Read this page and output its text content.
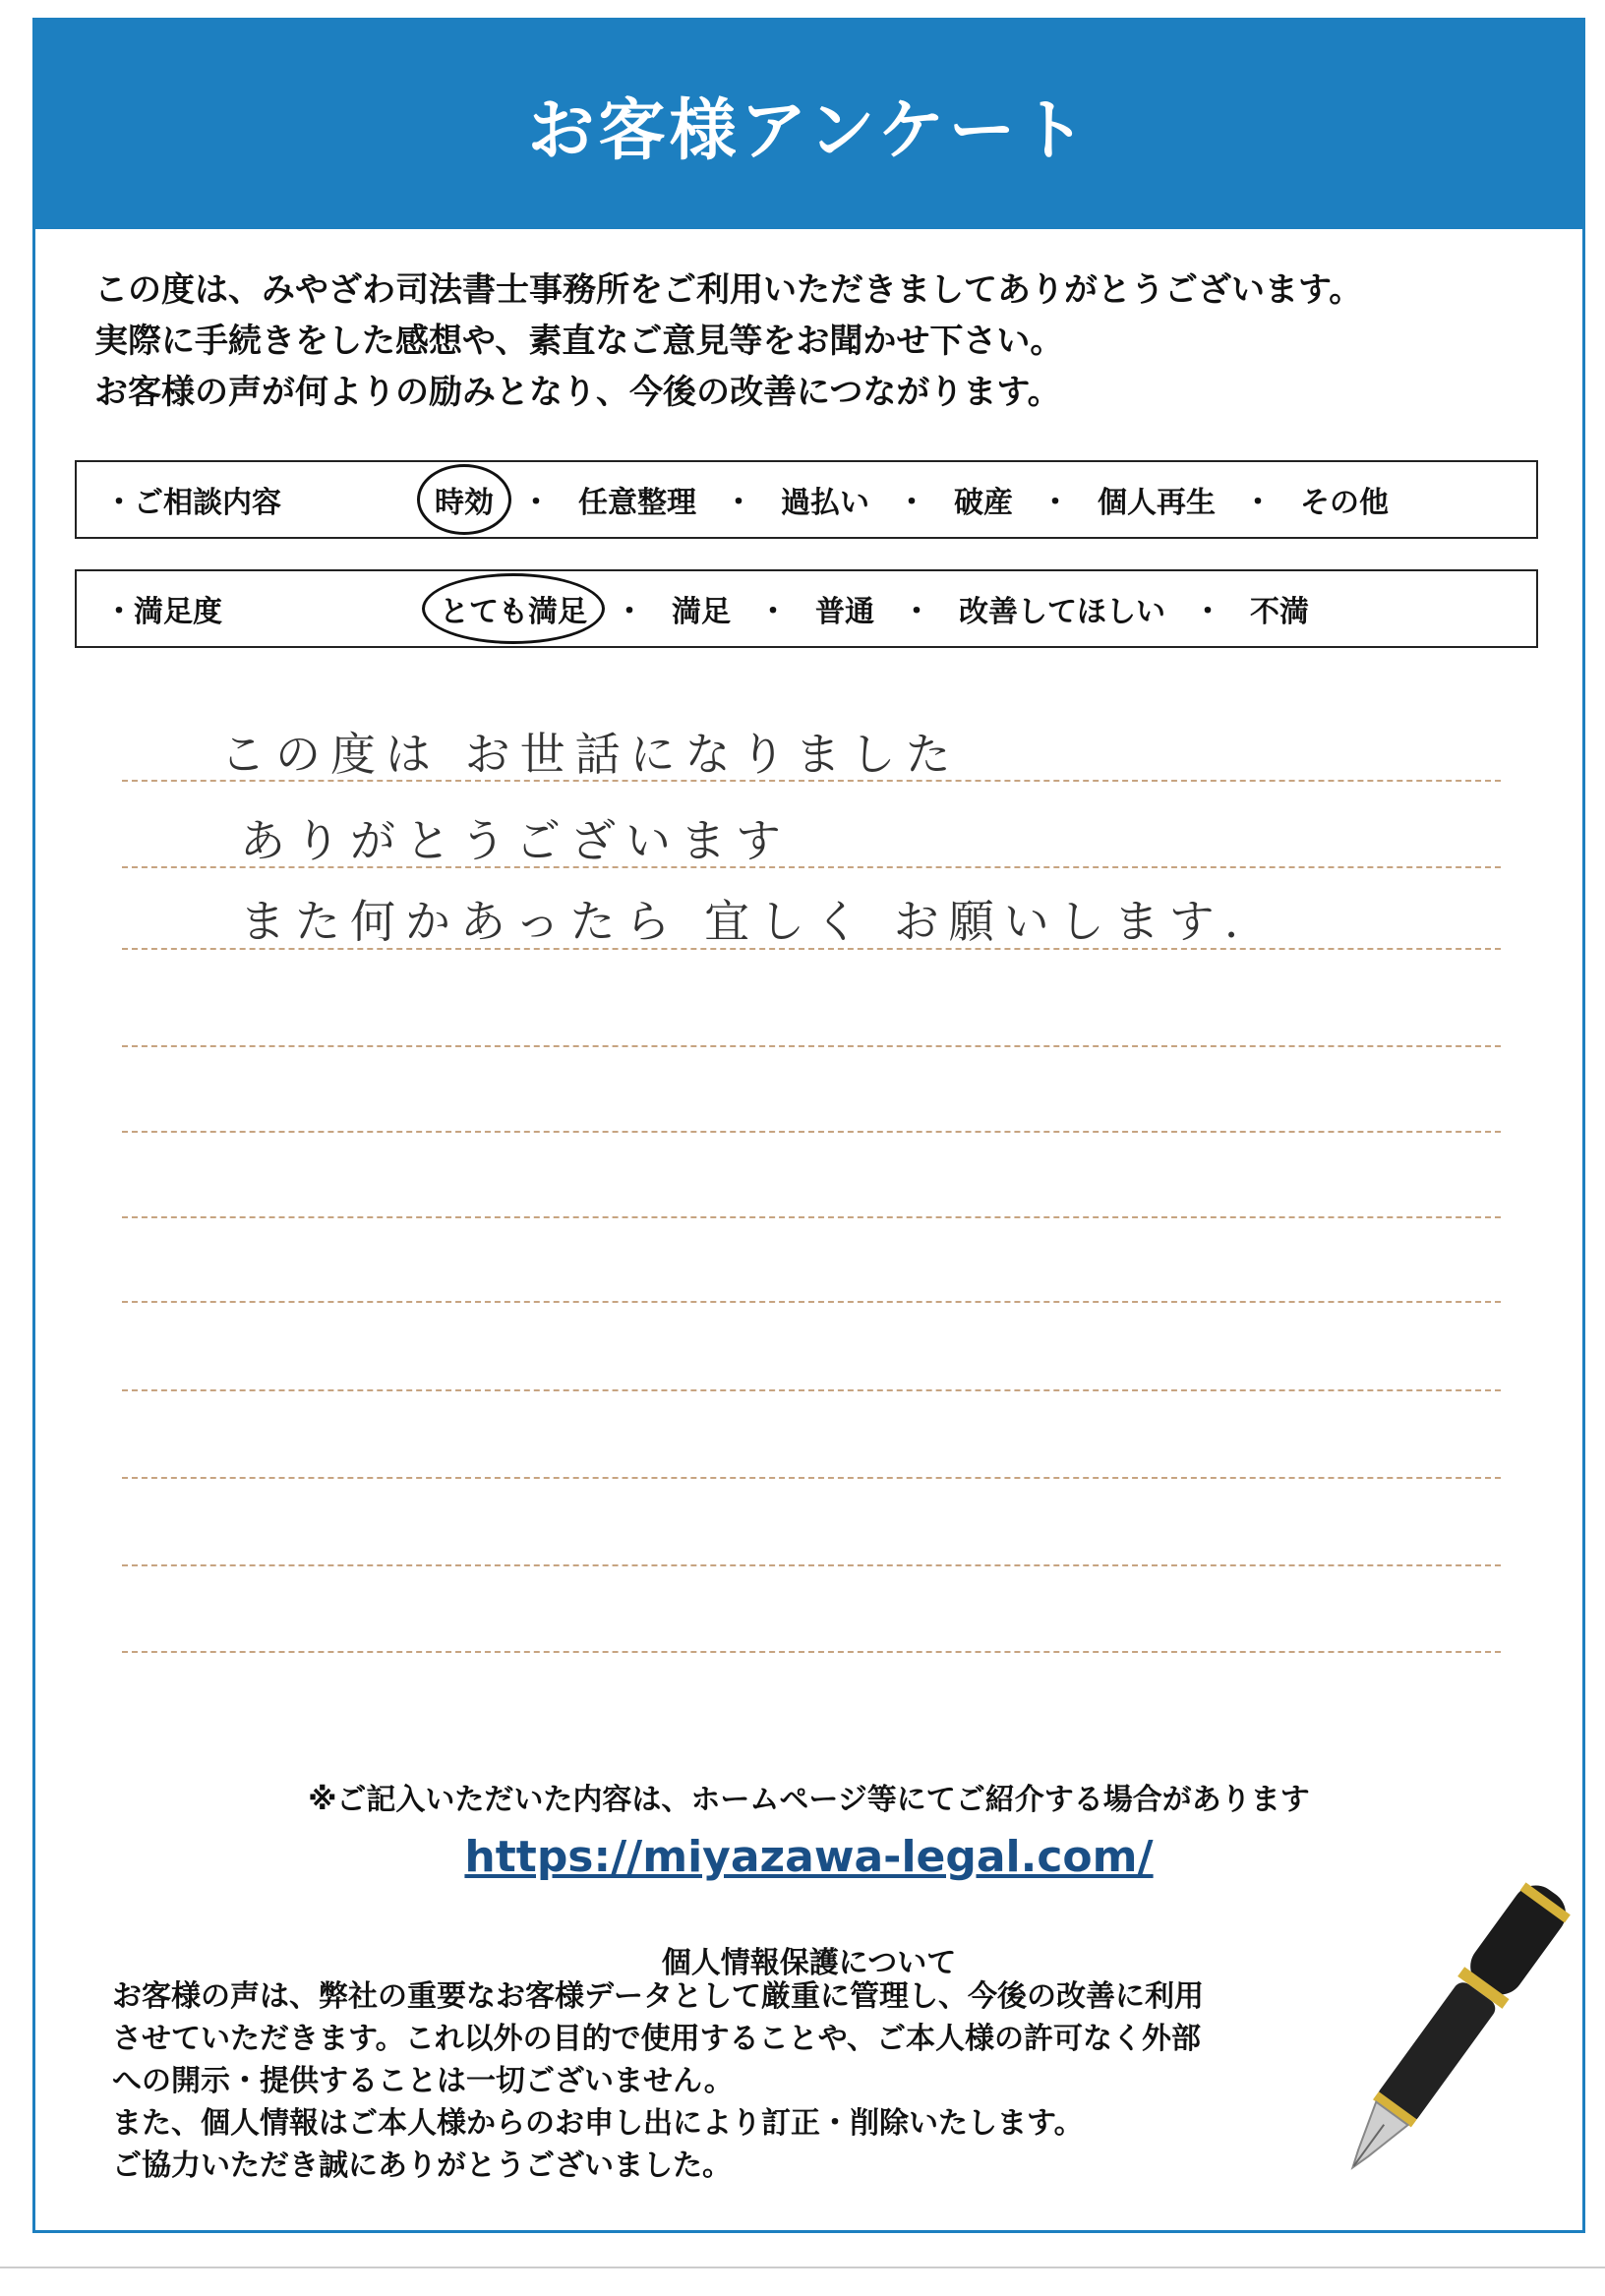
お客様アンケート
この度は、みやざわ司法書士事務所をご利用いただきましてありがとうございます。
実際に手続きをした感想や、素直なご意見等をお聞かせ下さい。
お客様の声が何よりの励みとなり、今後の改善につながります。
・ご相談内容	時効 ・ 任意整理 ・ 過払い ・ 破産 ・ 個人再生 ・ その他
・満足度	とても満足 ・ 満足 ・ 普通 ・ 改善してほしい ・ 不満
この度は お世話になりました
ありがとうございます
また何かあったら 宜しく お願いします.
※ご記入いただいた内容は、ホームページ等にてご紹介する場合があります
https://miyazawa-legal.com/
個人情報保護について
お客様の声は、弊社の重要なお客様データとして厳重に管理し、今後の改善に利用
させていただきます。これ以外の目的で使用することや、ご本人様の許可なく外部
への開示・提供することは一切ございません。
また、個人情報はご本人様からのお申し出により訂正・削除いたします。
ご協力いただき誠にありがとうございました。
